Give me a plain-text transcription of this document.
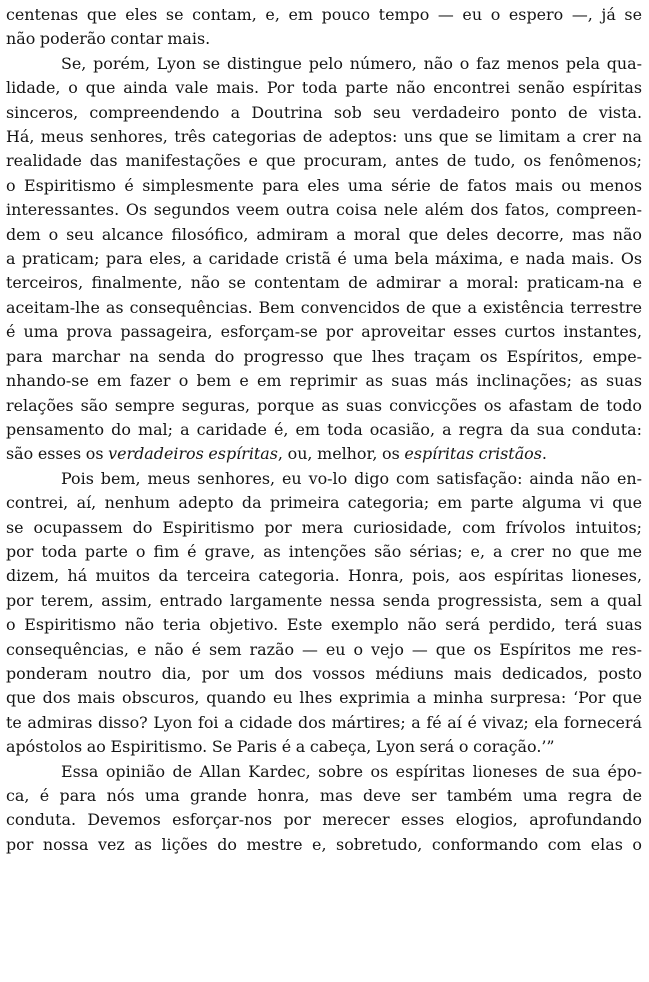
centenas que eles se contam, e, em pouco tempo — eu o espero —, já se
não poderão contar mais.
Se, porém, Lyon se distingue pelo número, não o faz menos pela qua-
lidade, o que ainda vale mais. Por toda parte não encontrei senão espíritas
sinceros, compreendendo a Doutrina sob seu verdadeiro ponto de vista.
Há, meus senhores, três categorias de adeptos: uns que se limitam a crer na
realidade das manifestações e que procuram, antes de tudo, os fenômenos;
o Espiritismo é simplesmente para eles uma série de fatos mais ou menos
interessantes. Os segundos veem outra coisa nele além dos fatos, compreen-
dem o seu alcance filosófico, admiram a moral que deles decorre, mas não
a praticam; para eles, a caridade cristã é uma bela máxima, e nada mais. Os
terceiros, finalmente, não se contentam de admirar a moral: praticam-na e
aceitam-lhe as consequências. Bem convencidos de que a existência terrestre
é uma prova passageira, esforçam-se por aproveitar esses curtos instantes,
para marchar na senda do progresso que lhes traçam os Espíritos, empe-
nhando-se em fazer o bem e em reprimir as suas más inclinações; as suas
relações são sempre seguras, porque as suas convicções os afastam de todo
pensamento do mal; a caridade é, em toda ocasião, a regra da sua conduta:
são esses os verdadeiros espíritas, ou, melhor, os espíritas cristãos.
Pois bem, meus senhores, eu vo-lo digo com satisfação: ainda não en-
contrei, aí, nenhum adepto da primeira categoria; em parte alguma vi que
se ocupassem do Espiritismo por mera curiosidade, com frívolos intuitos;
por toda parte o fim é grave, as intenções são sérias; e, a crer no que me
dizem, há muitos da terceira categoria. Honra, pois, aos espíritas lioneses,
por terem, assim, entrado largamente nessa senda progressista, sem a qual
o Espiritismo não teria objetivo. Este exemplo não será perdido, terá suas
consequências, e não é sem razão — eu o vejo — que os Espíritos me res-
ponderam noutro dia, por um dos vossos médiuns mais dedicados, posto
que dos mais obscuros, quando eu lhes exprimia a minha surpresa: ‘Por que
te admiras disso? Lyon foi a cidade dos mártires; a fé aí é vivaz; ela fornecerá
apóstolos ao Espiritismo. Se Paris é a cabeça, Lyon será o coração.’”
Essa opinião de Allan Kardec, sobre os espíritas lioneses de sua épo-
ca, é para nós uma grande honra, mas deve ser também uma regra de
conduta. Devemos esforçar-nos por merecer esses elogios, aprofundando
por nossa vez as lições do mestre e, sobretudo, conformando com elas o
